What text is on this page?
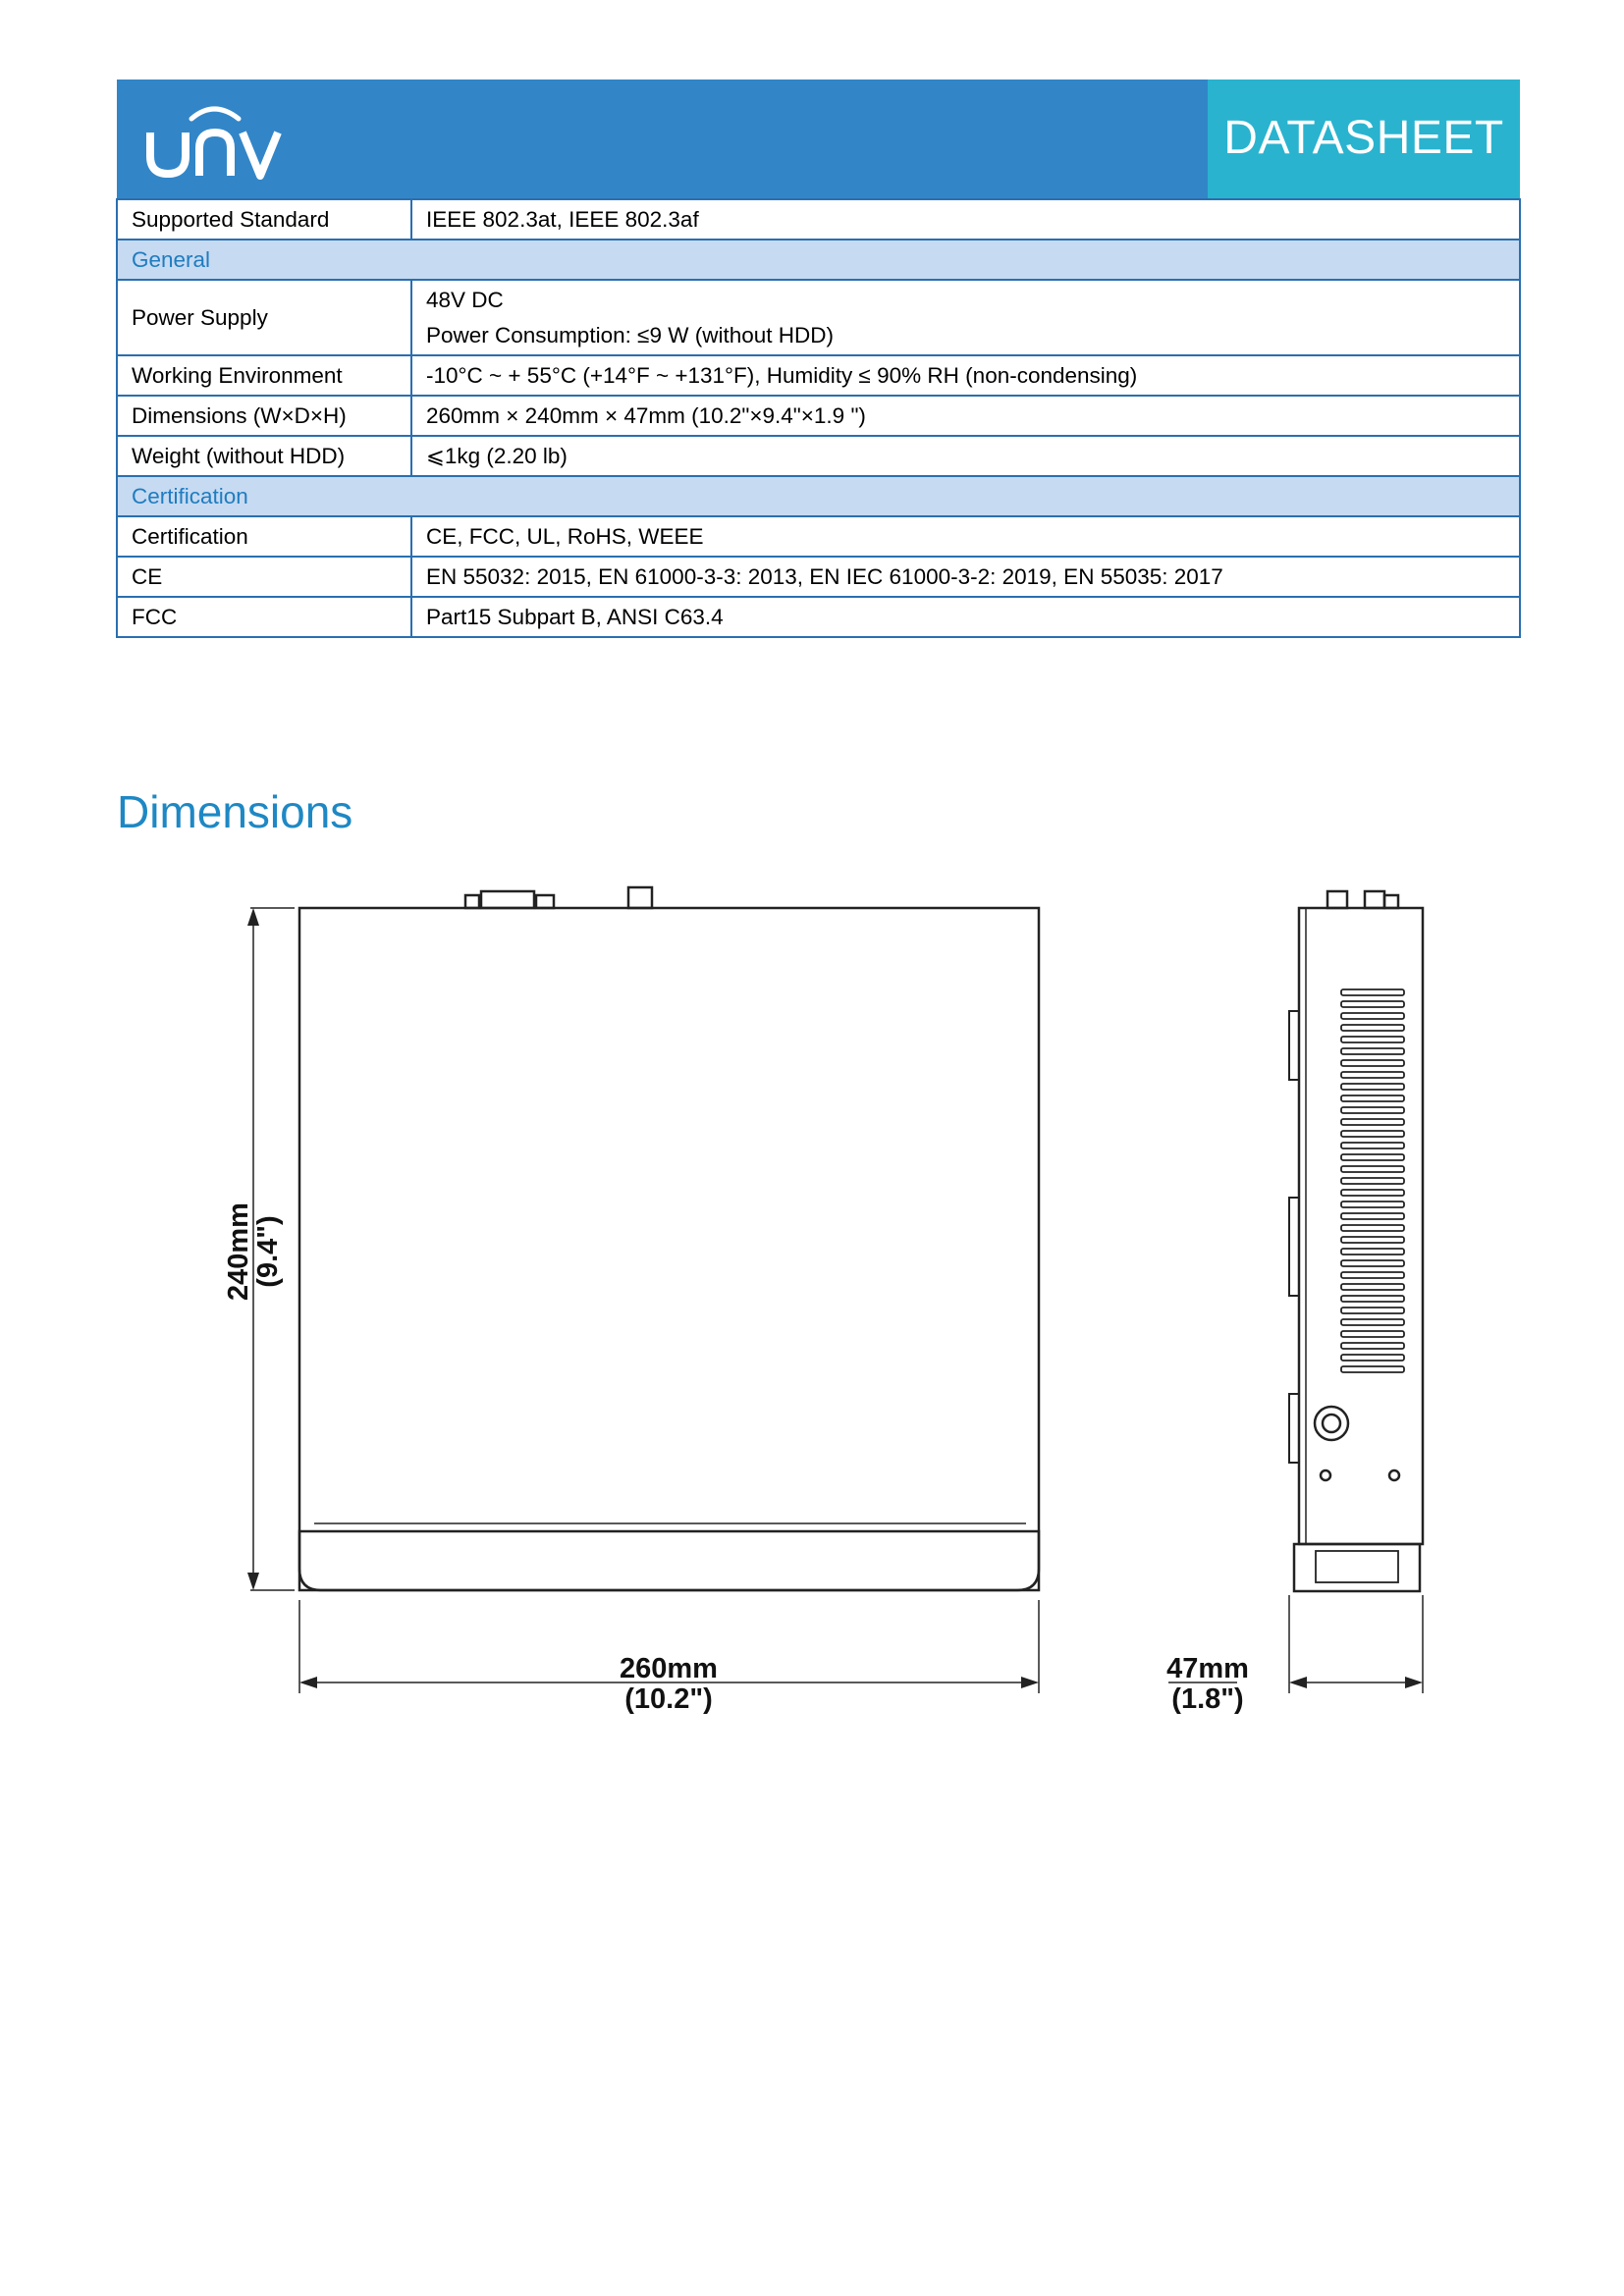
DATASHEET
Supported Standard	IEEE 802.3at, IEEE 802.3af
General	
Power Supply	48V DC
Power Consumption: ≤9 W (without HDD)

Working Environment	-10°C ~ + 55°C (+14°F ~ +131°F), Humidity ≤ 90% RH (non-condensing)
Dimensions (W×D×H)	260mm × 240mm × 47mm (10.2"×9.4"×1.9 ")
Weight (without HDD)	⩽1kg (2.20 lb)
Certification	
Certification	CE, FCC, UL, RoHS, WEEE
CE	EN 55032: 2015, EN 61000-3-3: 2013, EN IEC 61000-3-2: 2019, EN 55035: 2017
FCC	Part15 Subpart B, ANSI C63.4
Dimensions
240mm
(9.4")
260mm
(10.2")
47mm
(1.8")
